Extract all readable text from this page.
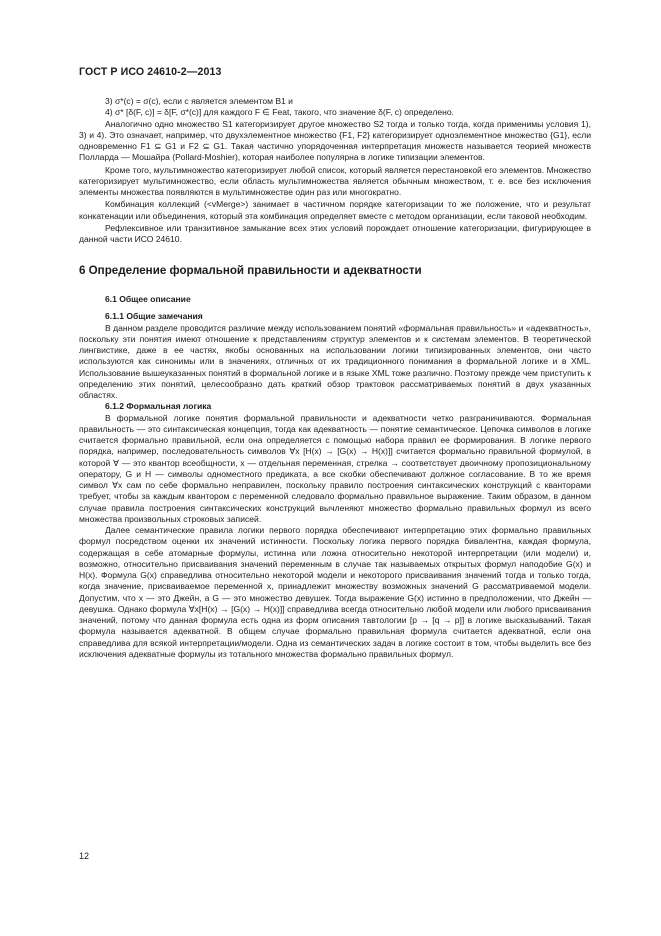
ГОСТ Р ИСО 24610-2—2013

3) σ*(c) = σ(c), если c является элементом B1 и

4) σ* [δ(F, c)] = δ[F, σ*(c)] для каждого F ∈ Feat, такого, что значение δ(F, c) определено.

Аналогично одно множество S1 категоризирует другое множество S2 тогда и только тогда, когда применимы условия 1), 3) и 4). Это означает, например, что двухэлементное множество {F1, F2} категоризирует одноэлементное множество {G1}, если одновременно F1 ⊆ G1 и F2 ⊆ G1. Такая частично упорядоченная интерпретация множеств называется теорией множеств Полларда — Мошайра (Pollard-Moshier), которая наиболее популярна в логике типизации элементов.

Кроме того, мультимножество категоризирует любой список, который является перестановкой его элементов. Множество категоризирует мультимножество, если область мультимножества является обычным множеством, т. е. все без исключения элементы множества появляются в мультимножестве один раз или многократно.

Комбинация коллекций (<vMerge>) занимает в частичном порядке категоризации то же положение, что и результат конкатенации или объединения, который эта комбинация определяет вместе с методом организации, если таковой необходим.

Рефлексивное или транзитивное замыкание всех этих условий порождает отношение категоризации, фигурирующее в данной части ИСО 24610.

6 Определение формальной правильности и адекватности
6.1 Общее описание
6.1.1 Общие замечания

В данном разделе проводится различие между использованием понятий «формальная правильность» и «адекватность», поскольку эти понятия имеют отношение к представлениям структур элементов и к системам элементов. В теоретической лингвистике, даже в ее частях, якобы основанных на использовании логики типизированных элементов, они часто используются как синонимы или в значениях, отличных от их традиционного понимания в формальной логике и в XML. Использование вышеуказанных понятий в формальной логике и в языке XML тоже различно. Поэтому прежде чем приступить к определению этих понятий, целесообразно дать краткий обзор трактовок рассматриваемых понятий в двух указанных областях.

6.1.2 Формальная логика

В формальной логике понятия формальной правильности и адекватности четко разграничиваются. Формальная правильность — это синтаксическая концепция, тогда как адекватность — понятие семантическое. Цепочка символов в логике считается формально правильной, если она определяется с помощью набора правил ее формирования. В логике первого порядка, например, последовательность символов ∀x [H(x) → [G(x) → H(x)]] считается формально правильной формулой, в которой ∀ — это квантор всеобщности, x — отдельная переменная, стрелка → соответствует двоичному пропозициональному оператору, G и H — символы одноместного предиката, а все скобки обеспечивают должное согласование. В то же время символ ∀x сам по себе формально неправилен, поскольку правило построения синтаксических конструкций с кванторами требует, чтобы за каждым квантором с переменной следовало формально правильное выражение. Таким образом, в данном случае правила построения синтаксических конструкций вычленяют множество формально правильных формул из всего множества произвольных строковых записей.

Далее семантические правила логики первого порядка обеспечивают интерпретацию этих формально правильных формул посредством оценки их значений истинности. Поскольку логика первого порядка бивалентна, каждая формула, содержащая в себе атомарные формулы, истинна или ложна относительно некоторой интерпретации (или модели) и, возможно, относительно присваивания значений переменным в случае так называемых открытых формул наподобие G(x) и H(x). Формула G(x) справедлива относительно некоторой модели и некоторого присваивания значений тогда и только тогда, когда значение, присваиваемое переменной x, принадлежит множеству возможных значений G рассматриваемой модели. Допустим, что x — это Джейн, а G — это множество девушек. Тогда выражение G(x) истинно в предположении, что Джейн — девушка. Однако формула ∀x[H(x) → [G(x) → H(x)]] справедлива всегда относительно любой модели или любого присваивания значений, потому что данная формула есть одна из форм описания тавтологии [p → [q → p]] в логике высказываний. Такая формула называется адекватной. В общем случае формально правильная формула считается адекватной, если она справедлива для всякой интерпретации/модели. Одна из семантических задач в логике состоит в том, чтобы выделить все без исключения адекватные формулы из тотального множества формально правильных формул.

12
